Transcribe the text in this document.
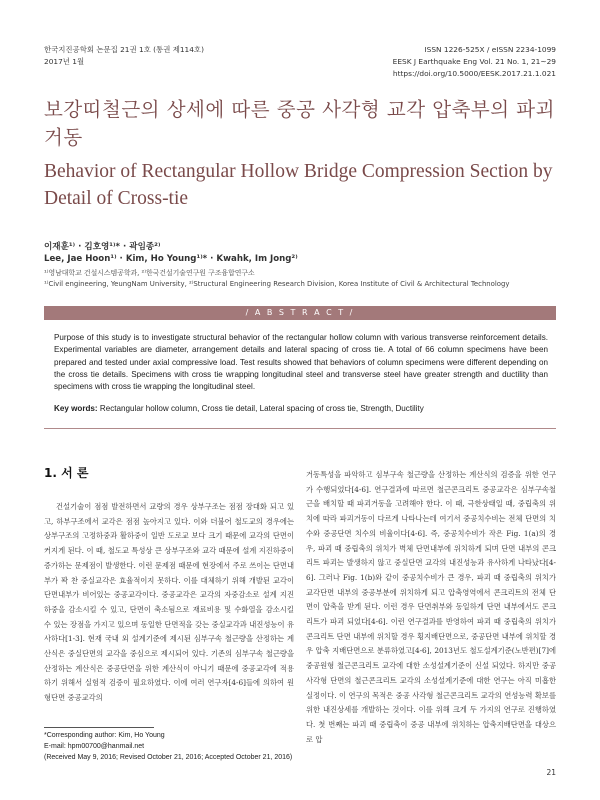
한국지진공학회 논문집 21권 1호 (통권 제114호)
2017년 1월
ISSN 1226-525X / eISSN 2234-1099
EESK J Earthquake Eng Vol. 21 No. 1, 21~29
https://doi.org/10.5000/EESK.2017.21.1.021
보강띠철근의 상세에 따른 중공 사각형 교각 압축부의 파괴 거동
Behavior of Rectangular Hollow Bridge Compression Section by Detail of Cross-tie
이재훈¹⁾ · 김호영¹⁾* · 곽임종²⁾
Lee, Jae Hoon¹⁾ · Kim, Ho Young¹⁾* · Kwahk, Im Jong²⁾
¹⁾영남대학교 건설시스템공학과, ²⁾한국건설기술연구원 구조융합연구소
¹⁾Civil engineering, YeungNam University, ²⁾Structural Engineering Research Division, Korea Institute of Civil & Architectural Technology
/ A B S T R A C T /
Purpose of this study is to investigate structural behavior of the rectangular hollow column with various transverse reinforcement details. Experimental variables are diameter, arrangement details and lateral spacing of cross tie. A total of 66 column specimens have been prepared and tested under axial compressive load. Test results showed that behaviors of column specimens were different depending on the cross tie details. Specimens with cross tie wrapping longitudinal steel and transverse steel have greater strength and ductility than specimens with cross tie wrapping the longitudinal steel.
Key words: Rectangular hollow column, Cross tie detail, Lateral spacing of cross tie, Strength, Ductility
1. 서 론
건설기술이 점점 발전하면서 교량의 경우 상부구조는 점점 장대화 되고 있고, 하부구조에서 교각은 점점 높아지고 있다. 이와 더불어 철도교의 경우에는 상부구조의 고정하중과 활하중이 일반 도로교 보다 크기 때문에 교각의 단면이 커지게 된다. 이 때, 철도교 특성상 큰 상부구조와 교각 때문에 설계 지진하중이 증가하는 문제점이 발생한다. 이런 문제점 때문에 현장에서 주로 쓰이는 단면내부가 꽉 찬 중실교각은 효율적이지 못하다. 이를 대체하기 위해 개발된 교각이 단면내부가 비어있는 중공교각이다. 중공교각은 교각의 자중감소로 설계 지진하중을 감소시킬 수 있고, 단면이 축소됨으로 재료비용 및 수화열을 감소시킬 수 있는 장점을 가지고 있으며 동일한 단면적을 갖는 중실교각과 내진성능이 유사하다[1-3]. 현재 국내 외 설계기준에 제시된 심부구속 철근량을 산정하는 계산식은 중실단면의 교각을 중심으로 제시되어 있다. 기존의 심부구속 철근량을 산정하는 계산식은 중공단면을 위한 계산식이 아니기 때문에 중공교각에 적용하기 위해서 실험적 검증이 필요하였다. 이에 여러 연구자[4-6]들에 의하여 원형단면 중공교각의
거동특성을 파악하고 심부구속 철근량을 산정하는 계산식의 검증을 위한 연구가 수행되었다[4-6]. 연구결과에 따르면 철근콘크리트 중공교각은 심부구속철근을 배치할 때 파괴거동을 고려해야 한다. 이 때, 극한상태일 때, 중립축의 위치에 따라 파괴거동이 다르게 나타나는데 여기서 중공치수비는 전체 단면의 치수와 중공단면 치수의 비율이다[4-6]. 즉, 중공치수비가 작은 Fig. 1(a)의 경우, 파괴 때 중립축의 위치가 벽체 단면내부에 위치하게 되며 단면 내부의 콘크리트 파괴는 발생하지 않고 중실단면 교각의 내진성능과 유사하게 나타났다[4-6]. 그러나 Fig. 1(b)와 같이 중공치수비가 큰 경우, 파괴 때 중립축의 위치가 교각단면 내부의 중공부분에 위치하게 되고 압축영역에서 콘크리트의 전체 단면이 압축을 받게 된다. 이런 경우 단면취부와 동일하게 단면 내부에서도 콘크리트가 파괴 되었다[4-6]. 이런 연구결과를 반영하여 파괴 때 중립축의 위치가 콘크리트 단면 내부에 위치할 경우 횡지배단면으로, 중공단면 내부에 위치할 경우 압축 지배단면으로 분류하였고[4-6], 2013년도 철도설계기준(노반편)[7]에 중공원형 철근콘크리트 교각에 대한 소성설계기준이 신설 되었다. 하지만 중공 사각형 단면의 철근콘크리트 교각의 소성설계기준에 대한 연구는 아직 미흡한 실정이다. 이 연구의 목적은 중공 사각형 철근콘크리트 교각의 연성능력 확보를 위한 내진상세를 개발하는 것이다. 이를 위해 크게 두 가지의 연구로 진행하였다. 첫 번째는 파괴 때 중립축이 중공 내부에 위치하는 압축지배단면을 대상으로 압
*Corresponding author: Kim, Ho Young
E-mail: hpm00700@hanmail.net
(Received May 9, 2016; Revised October 21, 2016; Accepted October 21, 2016)
21
